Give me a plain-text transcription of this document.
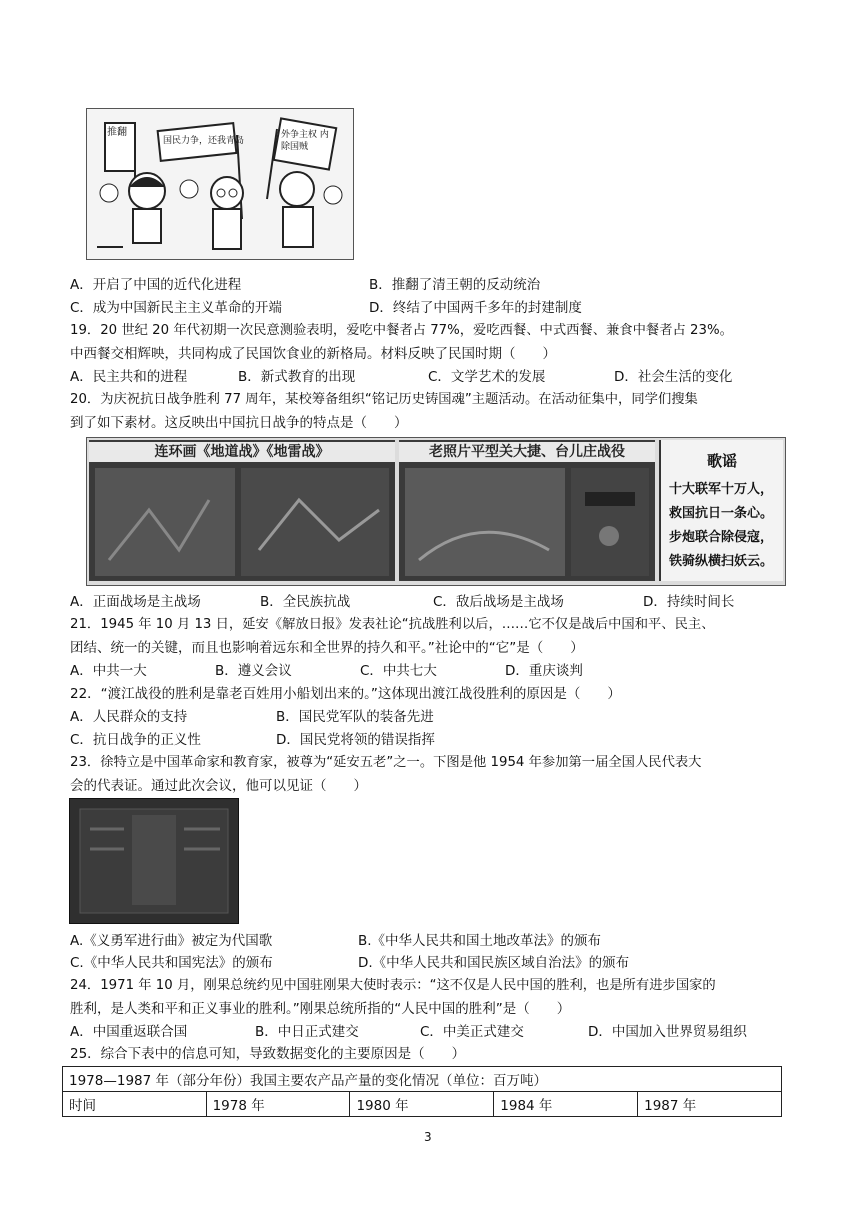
推翻
国民力争，还我青岛
外争主权 内除国贼
A．开启了中国的近代化进程	B．推翻了清王朝的反动统治
C．成为中国新民主主义革命的开端	D．终结了中国两千多年的封建制度
19．20 世纪 20 年代初期一次民意测验表明，爱吃中餐者占 77%，爱吃西餐、中式西餐、兼食中餐者占 23%。
中西餐交相辉映，共同构成了民国饮食业的新格局。材料反映了民国时期（　　）
A．民主共和的进程	B．新式教育的出现	C．文学艺术的发展	D．社会生活的变化
20．为庆祝抗日战争胜利 77 周年，某校筹备组织“铭记历史铸国魂”主题活动。在活动征集中，同学们搜集
到了如下素材。这反映出中国抗日战争的特点是（　　）
连环画《地道战》《地雷战》	老照片平型关大捷、台儿庄战役	歌谣
十大联军十万人，
救国抗日一条心。
步炮联合除侵寇，
铁骑纵横扫妖云。
A．正面战场是主战场	B．全民族抗战	C．敌后战场是主战场	D．持续时间长
21．1945 年 10 月 13 日，延安《解放日报》发表社论“抗战胜利以后，……它不仅是战后中国和平、民主、
团结、统一的关键，而且也影响着远东和全世界的持久和平。”社论中的“它”是（　　）
A．中共一大	B．遵义会议	C．中共七大	D．重庆谈判
22．“渡江战役的胜利是靠老百姓用小船划出来的。”这体现出渡江战役胜利的原因是（　　）
A．人民群众的支持	B．国民党军队的装备先进
C．抗日战争的正义性	D．国民党将领的错误指挥
23．徐特立是中国革命家和教育家，被尊为“延安五老”之一。下图是他 1954 年参加第一届全国人民代表大
会的代表证。通过此次会议，他可以见证（　　）
A.《义勇军进行曲》被定为代国歌	B.《中华人民共和国土地改革法》的颁布
C.《中华人民共和国宪法》的颁布	D.《中华人民共和国民族区域自治法》的颁布
24．1971 年 10 月，刚果总统约见中国驻刚果大使时表示：“这不仅是人民中国的胜利，也是所有进步国家的
胜利，是人类和平和正义事业的胜利。”刚果总统所指的“人民中国的胜利”是（　　）
A．中国重返联合国	B．中日正式建交	C．中美正式建交	D．中国加入世界贸易组织
25．综合下表中的信息可知，导致数据变化的主要原因是（　　）
1978—1987 年（部分年份）我国主要农产品产量的变化情况（单位：百万吨）
时间	1978 年	1980 年	1984 年	1987 年
3
